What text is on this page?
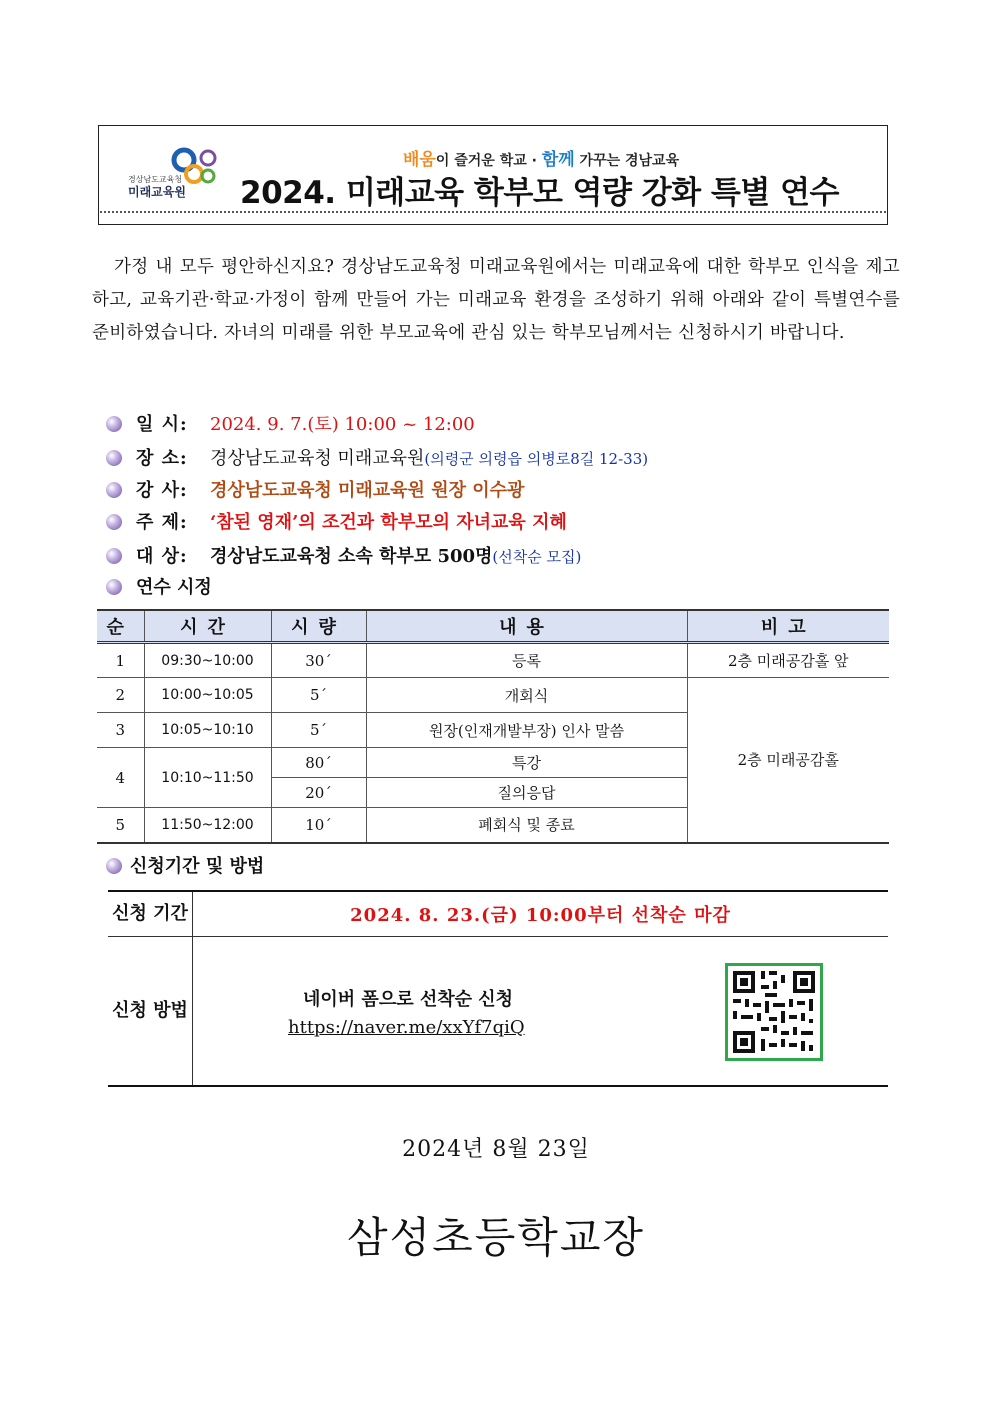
경상남도교육청
미래교육원
배움이 즐거운 학교 · 함께 가꾸는 경남교육
2024. 미래교육 학부모 역량 강화 특별 연수
가정 내 모두 평안하신지요? 경상남도교육청 미래교육원에서는 미래교육에 대한 학부모 인식을 제고하고, 교육기관·학교·가정이 함께 만들어 가는 미래교육 환경을 조성하기 위해 아래와 같이 특별연수를 준비하였습니다. 자녀의 미래를 위한 부모교육에 관심 있는 학부모님께서는 신청하시기 바랍니다.
일 시: 2024. 9. 7.(토) 10:00 ~ 12:00
장 소: 경상남도교육청 미래교육원(의령군 의령읍 의병로8길 12-33)
강 사: 경상남도교육청 미래교육원 원장 이수광
주 제: ‘참된 영재’의 조건과 학부모의 자녀교육 지혜
대 상: 경상남도교육청 소속 학부모 500명(선착순 모집)
연수 시정
순	시간	시량	내용	비고
1	09:30~10:00	30´	등록	2층 미래공감홀 앞
2	10:00~10:05	5´	개회식	2층 미래공감홀
3	10:05~10:10	5´	원장(인재개발부장) 인사 말씀	
4	10:10~11:50	80´	특강	
		20´	질의응답	
5	11:50~12:00	10´	폐회식 및 종료	
신청기간 및 방법
신청 기간	2024. 8. 23.(금) 10:00부터 선착순 마감
신청 방법	네이버 폼으로 선착순 신청
https://naver.me/xxYf7qiQ
2024년 8월 23일
삼성초등학교장
